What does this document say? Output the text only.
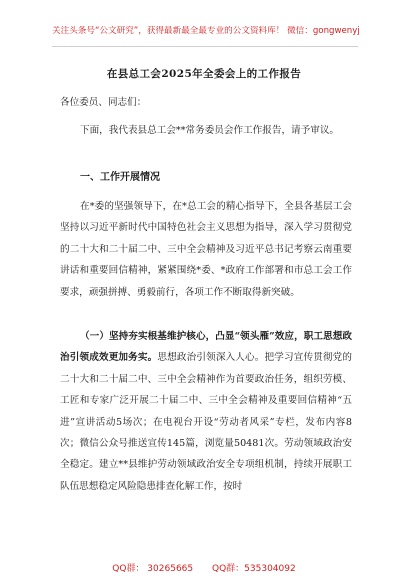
关注头条号“公文研究”，获得最新最全最专业的公文资料库！ 微信：gongwenyj
在县总工会2025年全委会上的工作报告
各位委员、同志们：
下面，我代表县总工会**常务委员会作工作报告，请予审议。
一、工作开展情况
在*委的坚强领导下，在*总工会的精心指导下，全县各基层工会坚持以习近平新时代中国特色社会主义思想为指导，深入学习贯彻党的二十大和二十届二中、三中全会精神及习近平总书记考察云南重要讲话和重要回信精神，紧紧围绕*委、*政府工作部署和市总工会工作要求，顽强拼搏、勇毅前行，各项工作不断取得新突破。
（一）坚持夯实根基维护核心，凸显“领头雁”效应，职工思想政治引领成效更加务实。思想政治引领深入人心。把学习宣传贯彻党的二十大和二十届二中、三中全会精神作为首要政治任务，组织劳模、工匠和专家广泛开展二十届二中、三中全会精神及重要回信精神“五进”宣讲活动5场次；在电视台开设“劳动者风采”专栏，发布内容8次；微信公众号推送宣传145篇，浏览量50481次。劳动领域政治安全稳定。建立**县维护劳动领域政治安全专项组机制，持续开展职工队伍思想稳定风险隐患排查化解工作，按时
QQ群： 30265665 QQ群：535304092
